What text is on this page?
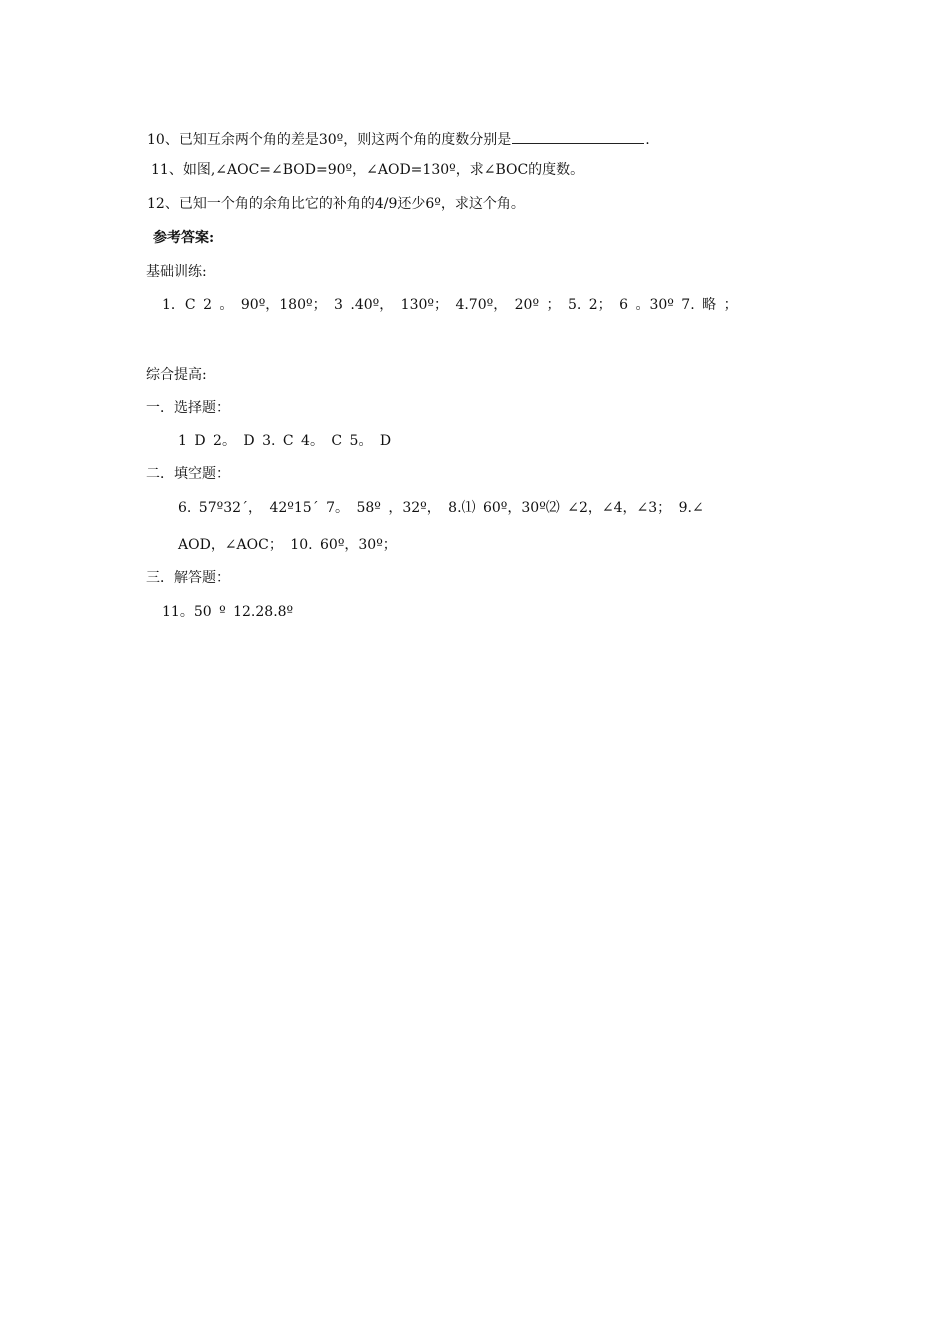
10、已知互余两个角的差是30º，则这两个角的度数分别是	.
11、如图,∠AOC=∠BOD=90º，∠AOD=130º，求∠BOC的度数。
12、已知一个角的余角比它的补角的4/9还少6º，求这个角。
参考答案:
基础训练:
1．C 2 。 90º，180º； 3 .40º， 130º； 4.70º， 20º ； 5. 2； 6 。30º 7. 略 ；
综合提高:
一．选择题：
1 D 2。 D 3. C 4。 C 5。 D
二．填空题：
6. 57º32´， 42º15´ 7。 58º ，32º， 8.⑴ 60º，30º⑵ ∠2，∠4，∠3； 9.∠
AOD，∠AOC； 10. 60º，30º；
三．解答题：
11。50 º 12.28.8º
